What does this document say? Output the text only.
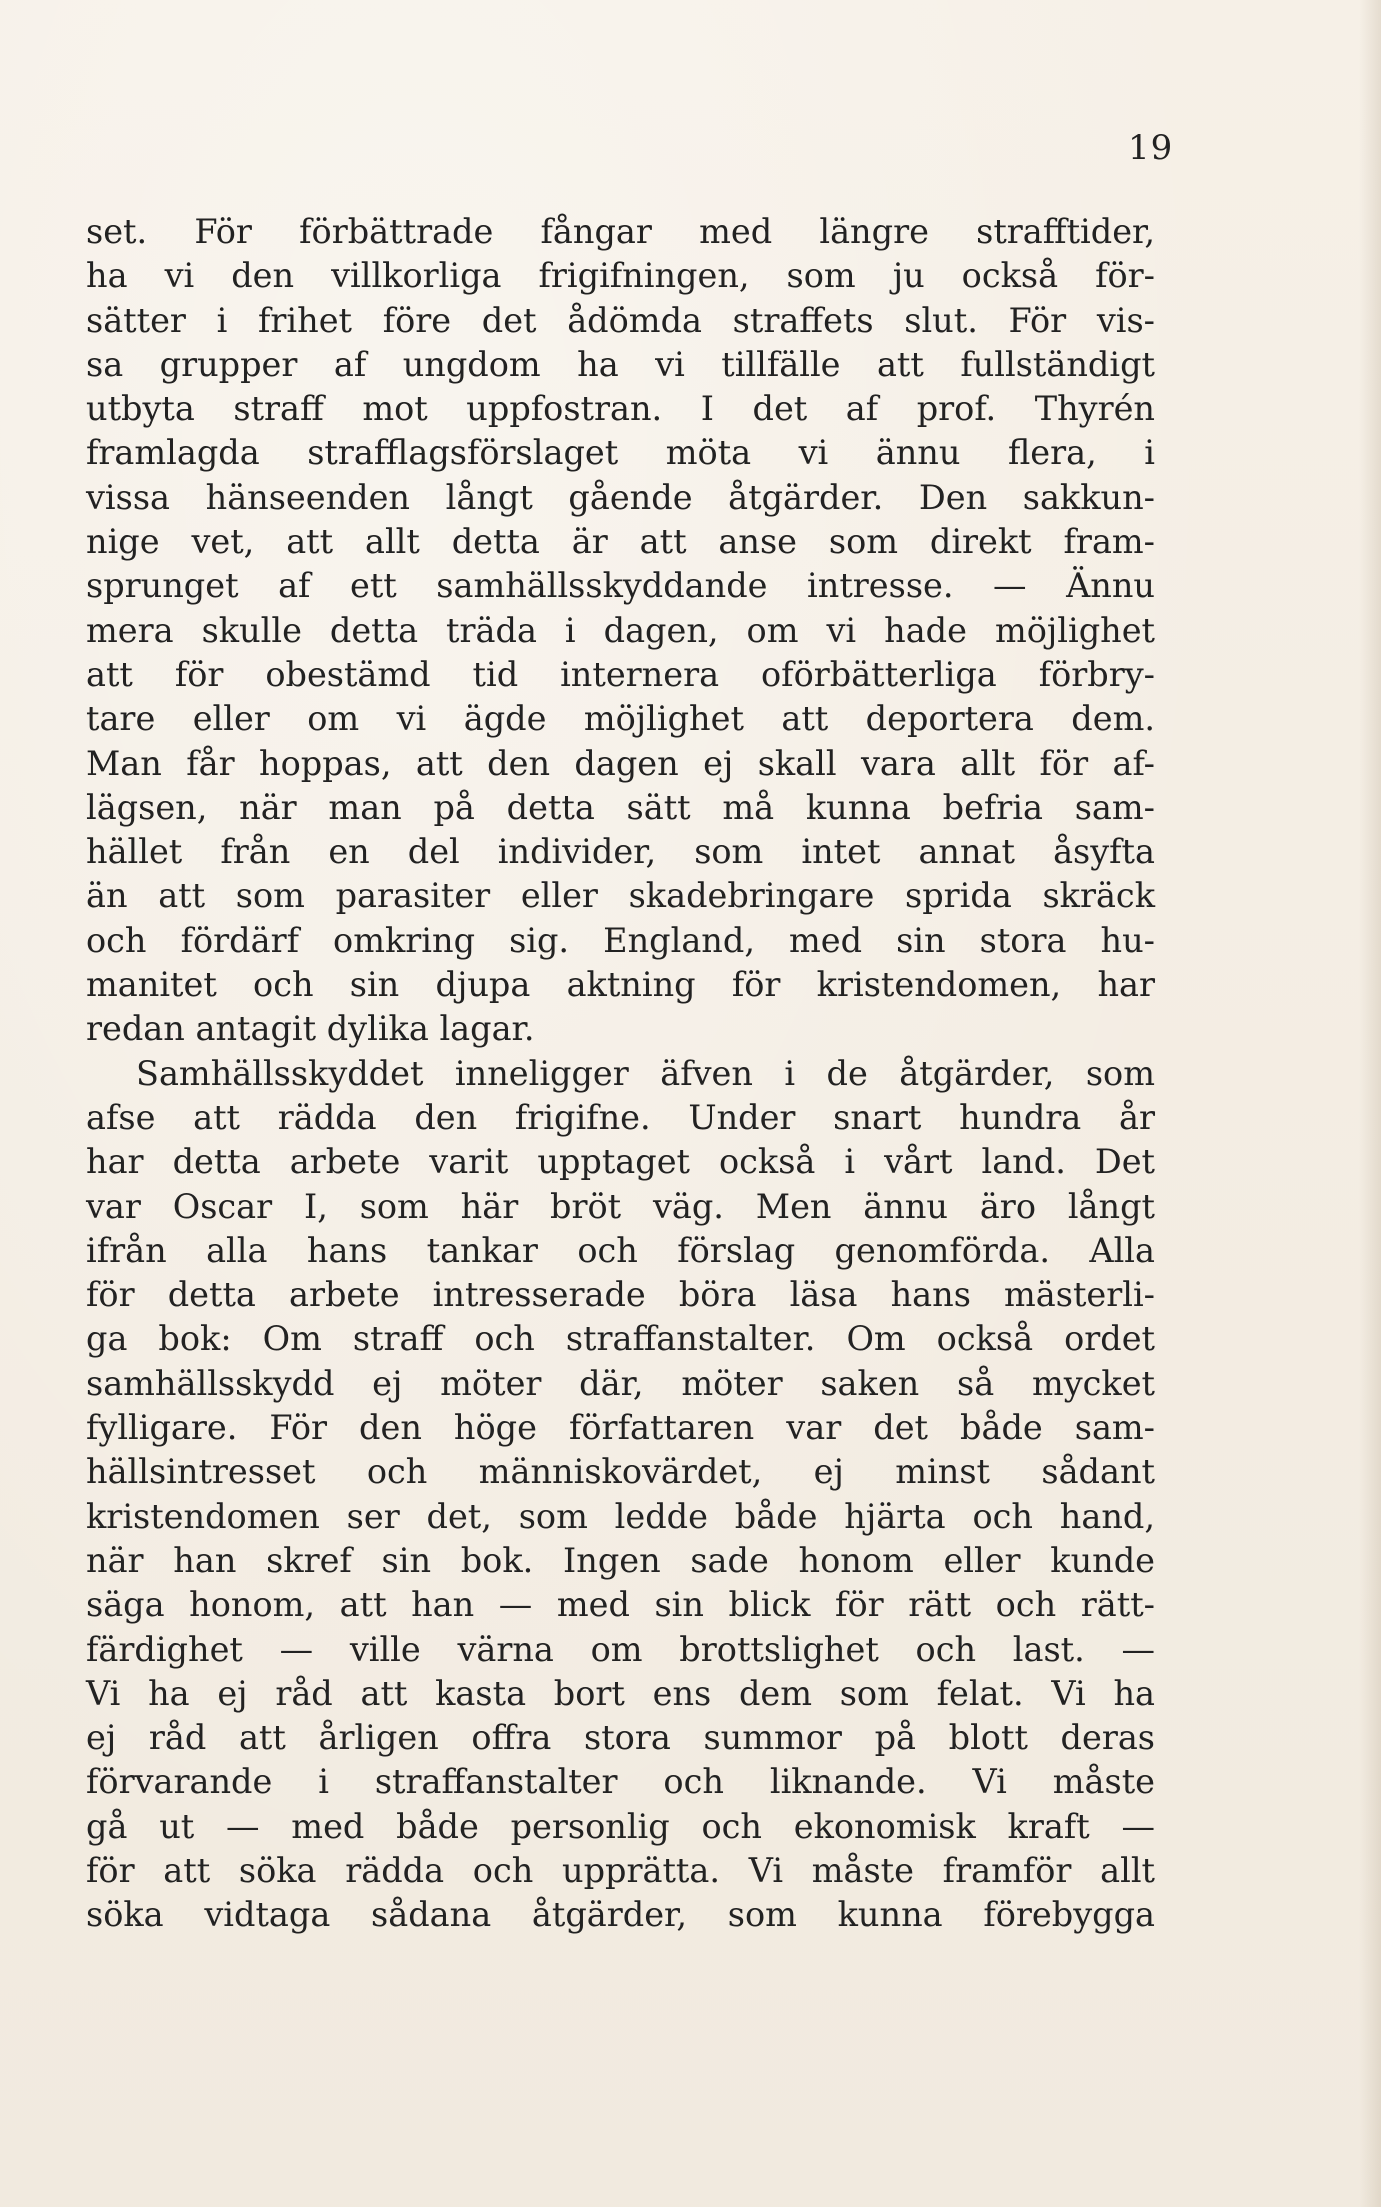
19
set. För förbättrade fångar med längre strafftider,
ha vi den villkorliga frigifningen, som ju också för-
sätter i frihet före det ådömda straffets slut. För vis-
sa grupper af ungdom ha vi tillfälle att fullständigt
utbyta straff mot uppfostran. I det af prof. Thyrén
framlagda strafflagsförslaget möta vi ännu flera, i
vissa hänseenden långt gående åtgärder. Den sakkun-
nige vet, att allt detta är att anse som direkt fram-
sprunget af ett samhällsskyddande intresse. — Ännu
mera skulle detta träda i dagen, om vi hade möjlighet
att för obestämd tid internera oförbätterliga förbry-
tare eller om vi ägde möjlighet att deportera dem.
Man får hoppas, att den dagen ej skall vara allt för af-
lägsen, när man på detta sätt må kunna befria sam-
hället från en del individer, som intet annat åsyfta
än att som parasiter eller skadebringare sprida skräck
och fördärf omkring sig. England, med sin stora hu-
manitet och sin djupa aktning för kristendomen, har
redan antagit dylika lagar.
Samhällsskyddet inneligger äfven i de åtgärder, som
afse att rädda den frigifne. Under snart hundra år
har detta arbete varit upptaget också i vårt land. Det
var Oscar I, som här bröt väg. Men ännu äro långt
ifrån alla hans tankar och förslag genomförda. Alla
för detta arbete intresserade böra läsa hans mästerli-
ga bok: Om straff och straffanstalter. Om också ordet
samhällsskydd ej möter där, möter saken så mycket
fylligare. För den höge författaren var det både sam-
hällsintresset och människovärdet, ej minst sådant
kristendomen ser det, som ledde både hjärta och hand,
när han skref sin bok. Ingen sade honom eller kunde
säga honom, att han — med sin blick för rätt och rätt-
färdighet — ville värna om brottslighet och last. —
Vi ha ej råd att kasta bort ens dem som felat. Vi ha
ej råd att årligen offra stora summor på blott deras
förvarande i straffanstalter och liknande. Vi måste
gå ut — med både personlig och ekonomisk kraft —
för att söka rädda och upprätta. Vi måste framför allt
söka vidtaga sådana åtgärder, som kunna förebygga
